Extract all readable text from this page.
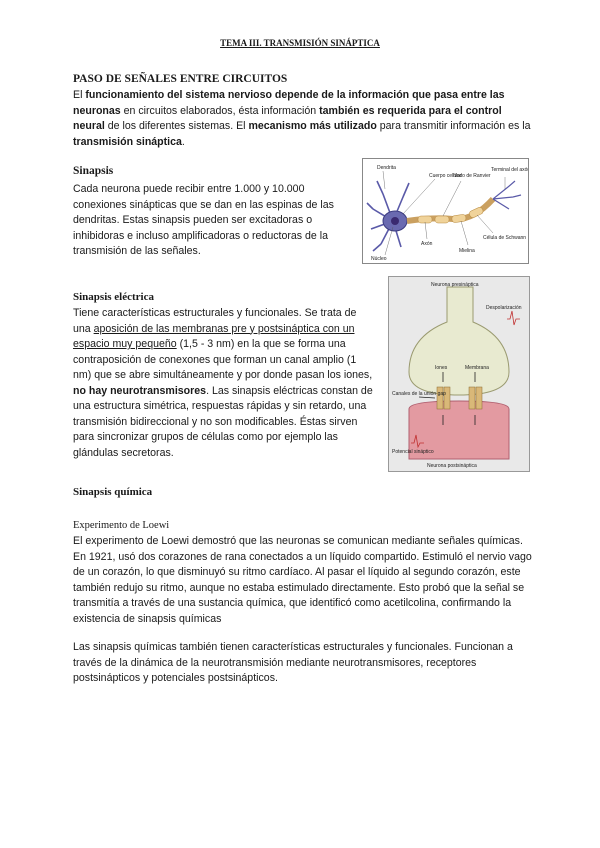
TEMA III. TRANSMISIÓN SINÁPTICA
PASO DE SEÑALES ENTRE CIRCUITOS
El funcionamiento del sistema nervioso depende de la información que pasa entre las neuronas en circuitos elaborados, ésta información también es requerida para el control neural de los diferentes sistemas. El mecanismo más utilizado para transmitir información es la transmisión sináptica.
Sinapsis
Cada neurona puede recibir entre 1.000 y 10.000 conexiones sinápticas que se dan en las espinas de las dendritas. Estas sinapsis pueden ser excitadoras o inhibidoras e incluso amplificadoras o reductoras de la transmisión de las señales.
Dendrita
Cuerpo celular
Axón
Núcleo
Mielina
Nodo de Ranvier
Terminal del axón
Célula de Schwann
Sinapsis eléctrica
Tiene características estructurales y funcionales. Se trata de una aposición de las membranas pre y postsináptica con un espacio muy pequeño (1,5 - 3 nm) en la que se forma una contraposición de conexones que forman un canal amplio (1 nm) que se abre simultáneamente y por donde pasan los iones, no hay neurotransmisores. Las sinapsis eléctricas constan de una estructura simétrica, respuestas rápidas y sin retardo, una transmisión bidireccional y no son modificables. Éstas sirven para sincronizar grupos de células como por ejemplo las glándulas secretoras.
Neurona presináptica
Neurona postsináptica
Despolarización
Iones	Membrana
Canales de la unión gap
Potencial sináptico
Sinapsis química
Experimento de Loewi
El experimento de Loewi demostró que las neuronas se comunican mediante señales químicas. En 1921, usó dos corazones de rana conectados a un líquido compartido. Estimuló el nervio vago de un corazón, lo que disminuyó su ritmo cardíaco. Al pasar el líquido al segundo corazón, este también redujo su ritmo, aunque no estaba estimulado directamente. Esto probó que la señal se transmitía a través de una sustancia química, que identificó como acetilcolina, confirmando la existencia de sinapsis químicas
Las sinapsis químicas también tienen características estructurales y funcionales. Funcionan a través de la dinámica de la neurotransmisión mediante neurotransmisores, receptores postsinápticos y potenciales postsinápticos.
